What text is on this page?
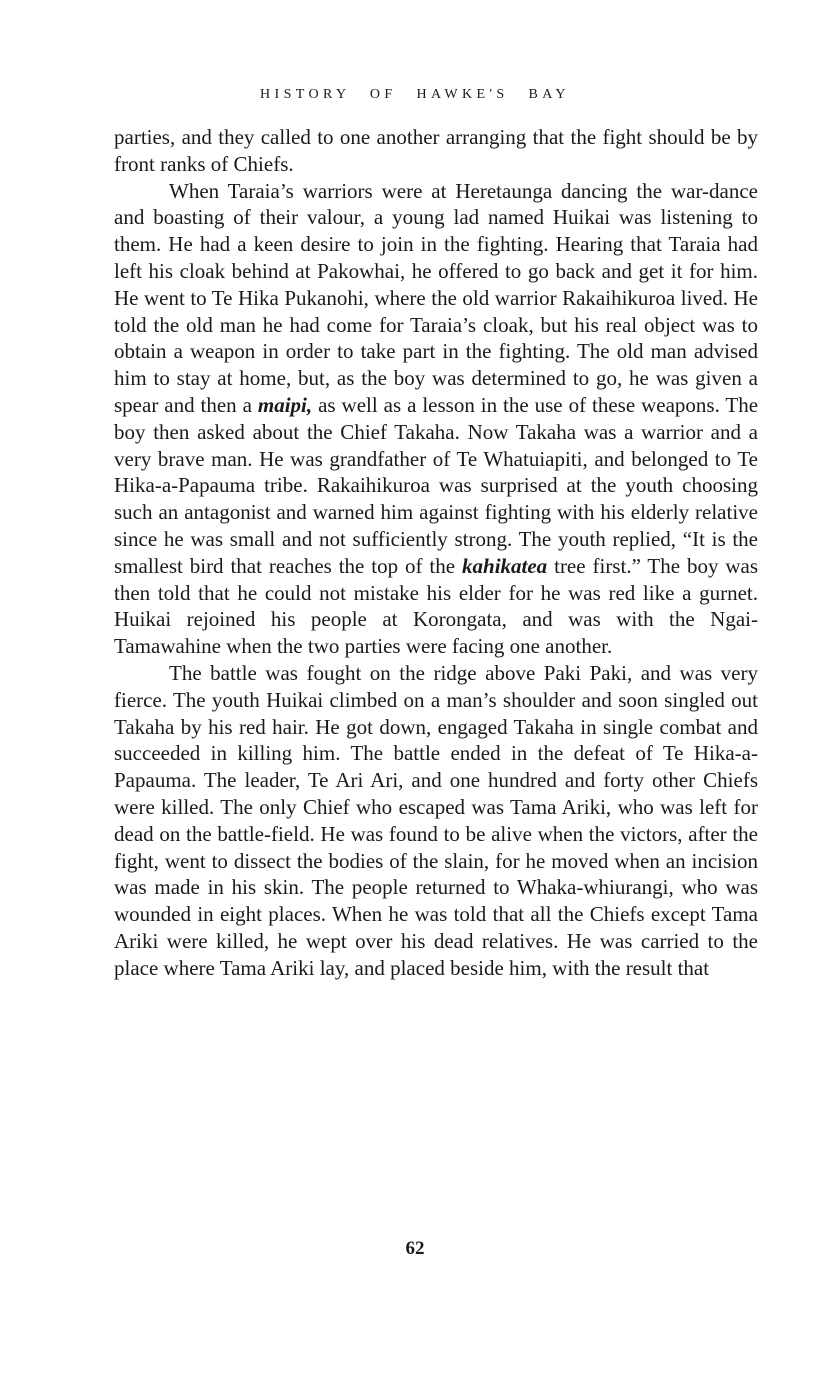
HISTORY OF HAWKE'S BAY

parties, and they called to one another arranging that the fight should be by front ranks of Chiefs.

When Taraia’s warriors were at Heretaunga dancing the war-dance and boasting of their valour, a young lad named Huikai was listening to them. He had a keen desire to join in the fighting. Hearing that Taraia had left his cloak behind at Pakowhai, he offered to go back and get it for him. He went to Te Hika Pukanohi, where the old warrior Rakaihikuroa lived. He told the old man he had come for Taraia’s cloak, but his real object was to obtain a weapon in order to take part in the fighting. The old man advised him to stay at home, but, as the boy was determined to go, he was given a spear and then a maipi, as well as a lesson in the use of these weapons. The boy then asked about the Chief Takaha. Now Takaha was a warrior and a very brave man. He was grandfather of Te Whatuiapiti, and belonged to Te Hika-a-Papauma tribe. Rakaihikuroa was surprised at the youth choosing such an antagonist and warned him against fighting with his elderly relative since he was small and not sufficiently strong. The youth replied, “It is the smallest bird that reaches the top of the kahikatea tree first.” The boy was then told that he could not mistake his elder for he was red like a gurnet. Huikai rejoined his people at Korongata, and was with the Ngai-Tamawahine when the two parties were facing one another.

The battle was fought on the ridge above Paki Paki, and was very fierce. The youth Huikai climbed on a man’s shoulder and soon singled out Takaha by his red hair. He got down, engaged Takaha in single combat and succeeded in killing him. The battle ended in the defeat of Te Hika-a-Papauma. The leader, Te Ari Ari, and one hundred and forty other Chiefs were killed. The only Chief who escaped was Tama Ariki, who was left for dead on the battle-field. He was found to be alive when the victors, after the fight, went to dissect the bodies of the slain, for he moved when an incision was made in his skin. The people returned to Whaka-whiurangi, who was wounded in eight places. When he was told that all the Chiefs except Tama Ariki were killed, he wept over his dead relatives. He was carried to the place where Tama Ariki lay, and placed beside him, with the result that

62
